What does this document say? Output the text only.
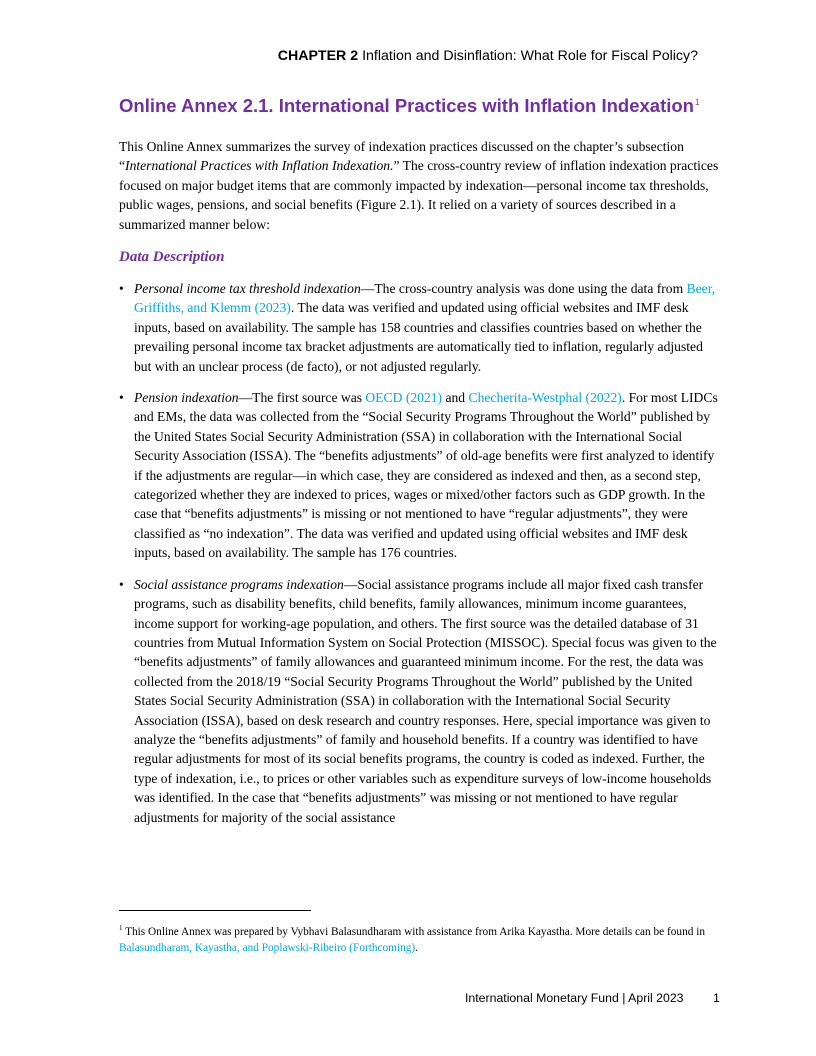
CHAPTER 2 Inflation and Disinflation: What Role for Fiscal Policy?
Online Annex 2.1. International Practices with Inflation Indexation$^1$

This Online Annex summarizes the survey of indexation practices discussed on the chapter’s subsection “International Practices with Inflation Indexation.” The cross-country review of inflation indexation practices focused on major budget items that are commonly impacted by indexation—personal income tax thresholds, public wages, pensions, and social benefits (Figure 2.1). It relied on a variety of sources described in a summarized manner below:

Data Description
• Personal income tax threshold indexation—The cross-country analysis was done using the data from Beer, Griffiths, and Klemm (2023). The data was verified and updated using official websites and IMF desk inputs, based on availability. The sample has 158 countries and classifies countries based on whether the prevailing personal income tax bracket adjustments are automatically tied to inflation, regularly adjusted but with an unclear process (de facto), or not adjusted regularly.
• Pension indexation—The first source was OECD (2021) and Checherita-Westphal (2022). For most LIDCs and EMs, the data was collected from the “Social Security Programs Throughout the World” published by the United States Social Security Administration (SSA) in collaboration with the International Social Security Association (ISSA). The “benefits adjustments” of old-age benefits were first analyzed to identify if the adjustments are regular—in which case, they are considered as indexed and then, as a second step, categorized whether they are indexed to prices, wages or mixed/other factors such as GDP growth. In the case that “benefits adjustments” is missing or not mentioned to have “regular adjustments”, they were classified as “no indexation”. The data was verified and updated using official websites and IMF desk inputs, based on availability. The sample has 176 countries.
• Social assistance programs indexation—Social assistance programs include all major fixed cash transfer programs, such as disability benefits, child benefits, family allowances, minimum income guarantees, income support for working-age population, and others. The first source was the detailed database of 31 countries from Mutual Information System on Social Protection (MISSOC). Special focus was given to the “benefits adjustments” of family allowances and guaranteed minimum income. For the rest, the data was collected from the 2018/19 “Social Security Programs Throughout the World” published by the United States Social Security Administration (SSA) in collaboration with the International Social Security Association (ISSA), based on desk research and country responses. Here, special importance was given to analyze the “benefits adjustments” of family and household benefits. If a country was identified to have regular adjustments for most of its social benefits programs, the country is coded as indexed. Further, the type of indexation, i.e., to prices or other variables such as expenditure surveys of low-income households was identified. In the case that “benefits adjustments” was missing or not mentioned to have regular adjustments for majority of the social assistance

$^1$ This Online Annex was prepared by Vybhavi Balasundharam with assistance from Arika Kayastha. More details can be found in Balasundharam, Kayastha, and Poplawski-Ribeiro (Forthcoming).

International Monetary Fund | April 2023 1
